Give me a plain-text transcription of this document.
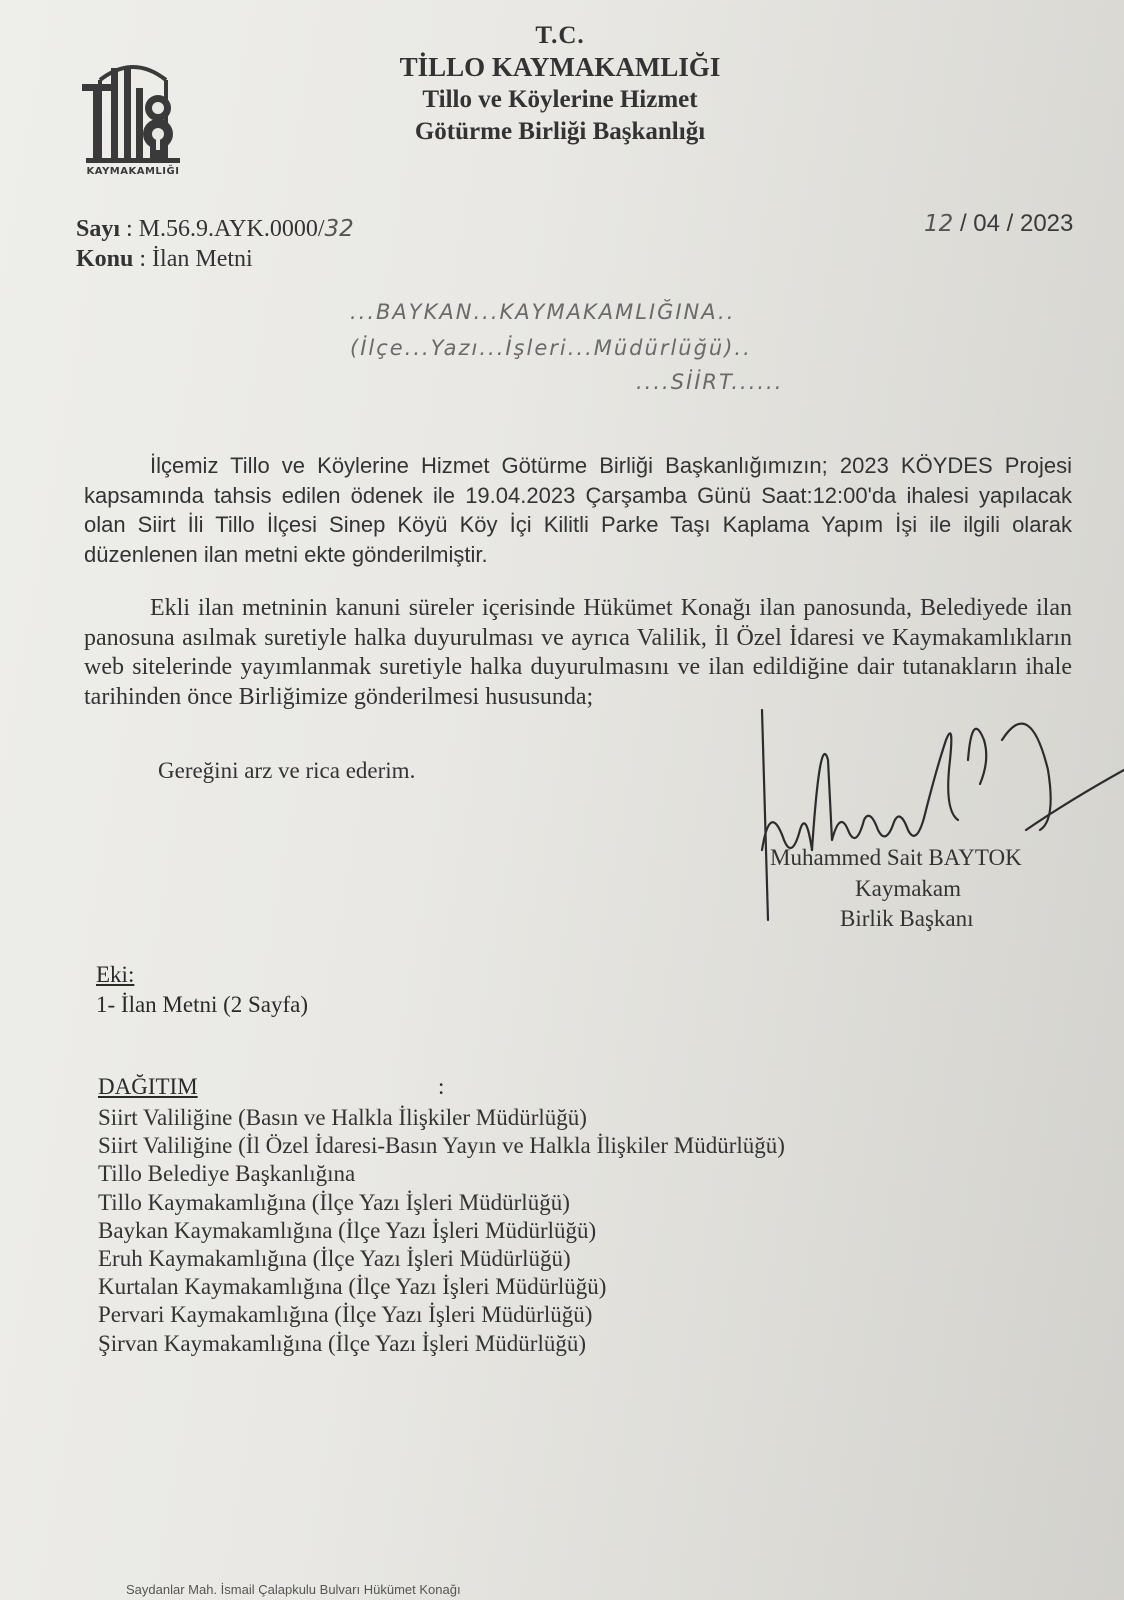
KAYMAKAMLIĞI
T.C.
TİLLO KAYMAKAMLIĞI
Tillo ve Köylerine Hizmet
Götürme Birliği Başkanlığı
Sayı : M.56.9.AYK.0000/32
Konu : İlan Metni
12 / 04 / 2023
...BAYKAN...KAYMAKAMLIĞINA..
(İlçe...Yazı...İşleri...Müdürlüğü)..
....SİİRT......
İlçemiz Tillo ve Köylerine Hizmet Götürme Birliği Başkanlığımızın; 2023 KÖYDES Projesi kapsamında tahsis edilen ödenek ile 19.04.2023 Çarşamba Günü Saat:12:00'da ihalesi yapılacak olan Siirt İli Tillo İlçesi Sinep Köyü Köy İçi Kilitli Parke Taşı Kaplama Yapım İşi ile ilgili olarak düzenlenen ilan metni ekte gönderilmiştir.
Ekli ilan metninin kanuni süreler içerisinde Hükümet Konağı ilan panosunda, Belediyede ilan panosuna asılmak suretiyle halka duyurulması ve ayrıca Valilik, İl Özel İdaresi ve Kaymakamlıkların web sitelerinde yayımlanmak suretiyle halka duyurulmasını ve ilan edildiğine dair tutanakların ihale tarihinden önce Birliğimize gönderilmesi hususunda;
Gereğini arz ve rica ederim.
Muhammed Sait BAYTOK
Kaymakam
Birlik Başkanı
Eki:
1- İlan Metni (2 Sayfa)
DAĞITIM	:
Siirt Valiliğine (Basın ve Halkla İlişkiler Müdürlüğü)
Siirt Valiliğine (İl Özel İdaresi-Basın Yayın ve Halkla İlişkiler Müdürlüğü)
Tillo Belediye Başkanlığına
Tillo Kaymakamlığına (İlçe Yazı İşleri Müdürlüğü)
Baykan Kaymakamlığına (İlçe Yazı İşleri Müdürlüğü)
Eruh Kaymakamlığına (İlçe Yazı İşleri Müdürlüğü)
Kurtalan Kaymakamlığına (İlçe Yazı İşleri Müdürlüğü)
Pervari Kaymakamlığına (İlçe Yazı İşleri Müdürlüğü)
Şirvan Kaymakamlığına (İlçe Yazı İşleri Müdürlüğü)
Saydanlar Mah. İsmail Çalapkulu Bulvarı Hükümet Konağı
